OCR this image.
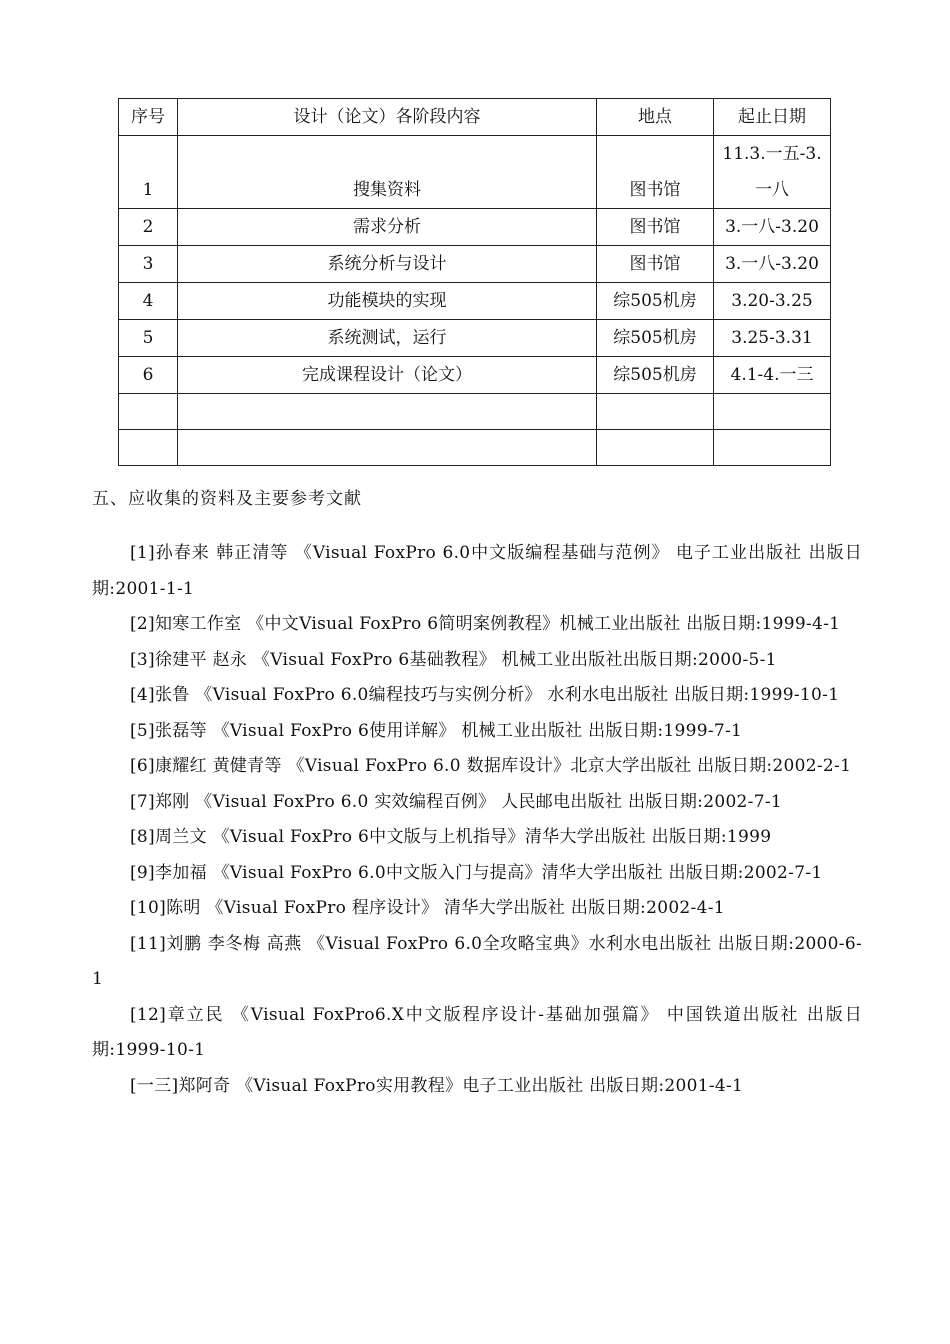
序号	设计（论文）各阶段内容	地点	起止日期
1	搜集资料	图书馆	11.3.一五-3.一八
2	需求分析	图书馆	3.一八-3.20
3	系统分析与设计	图书馆	3.一八-3.20
4	功能模块的实现	综505机房	3.20-3.25
5	系统测试，运行	综505机房	3.25-3.31
6	完成课程设计（论文）	综505机房	4.1-4.一三

五、应收集的资料及主要参考文献

[1]孙春来 韩正清等 《Visual FoxPro 6.0中文版编程基础与范例》 电子工业出版社 出版日期:2001-1-1

[2]知寒工作室 《中文Visual FoxPro 6简明案例教程》机械工业出版社 出版日期:1999-4-1

[3]徐建平 赵永 《Visual FoxPro 6基础教程》 机械工业出版社出版日期:2000-5-1

[4]张鲁 《Visual FoxPro 6.0编程技巧与实例分析》 水利水电出版社 出版日期:1999-10-1

[5]张磊等 《Visual FoxPro 6使用详解》 机械工业出版社 出版日期:1999-7-1

[6]康耀红 黄健青等 《Visual FoxPro 6.0 数据库设计》北京大学出版社 出版日期:2002-2-1

[7]郑刚 《Visual FoxPro 6.0 实效编程百例》 人民邮电出版社 出版日期:2002-7-1

[8]周兰文 《Visual FoxPro 6中文版与上机指导》清华大学出版社 出版日期:1999

[9]李加福 《Visual FoxPro 6.0中文版入门与提高》清华大学出版社 出版日期:2002-7-1

[10]陈明 《Visual FoxPro 程序设计》 清华大学出版社 出版日期:2002-4-1

[11]刘鹏 李冬梅 高燕 《Visual FoxPro 6.0全攻略宝典》水利水电出版社 出版日期:2000-6-1

[12]章立民 《Visual FoxPro6.X中文版程序设计-基础加强篇》 中国铁道出版社 出版日期:1999-10-1

[一三]郑阿奇 《Visual FoxPro实用教程》电子工业出版社 出版日期:2001-4-1
